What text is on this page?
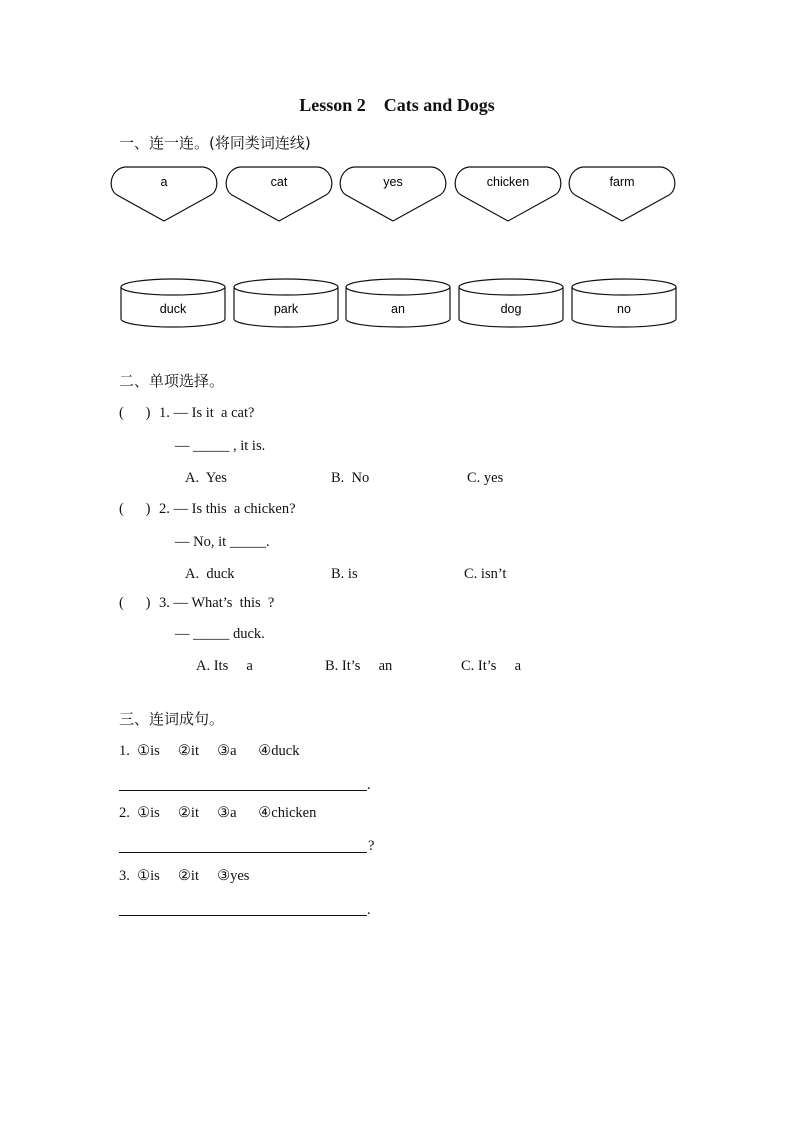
Lesson 2    Cats and Dogs
一、连一连。(将同类词连线)
a	cat	yes	chicken	farm
duck	park	an	dog	no
二、单项选择。
(      ) 1. — Is it  a cat?
— _____ , it is.
A.  Yes	B.  No	C. yes
(      ) 2. — Is this  a chicken?
— No, it _____.
A.  duck	B. is	C. isn’t
(      ) 3. — What’s  this  ?
— _____ duck.
A. Its     a	B. It’s     an	C. It’s     a
三、连词成句。
1.  ①is     ②it     ③a      ④duck
.
2.  ①is     ②it     ③a      ④chicken
?
3.  ①is     ②it     ③yes
.
